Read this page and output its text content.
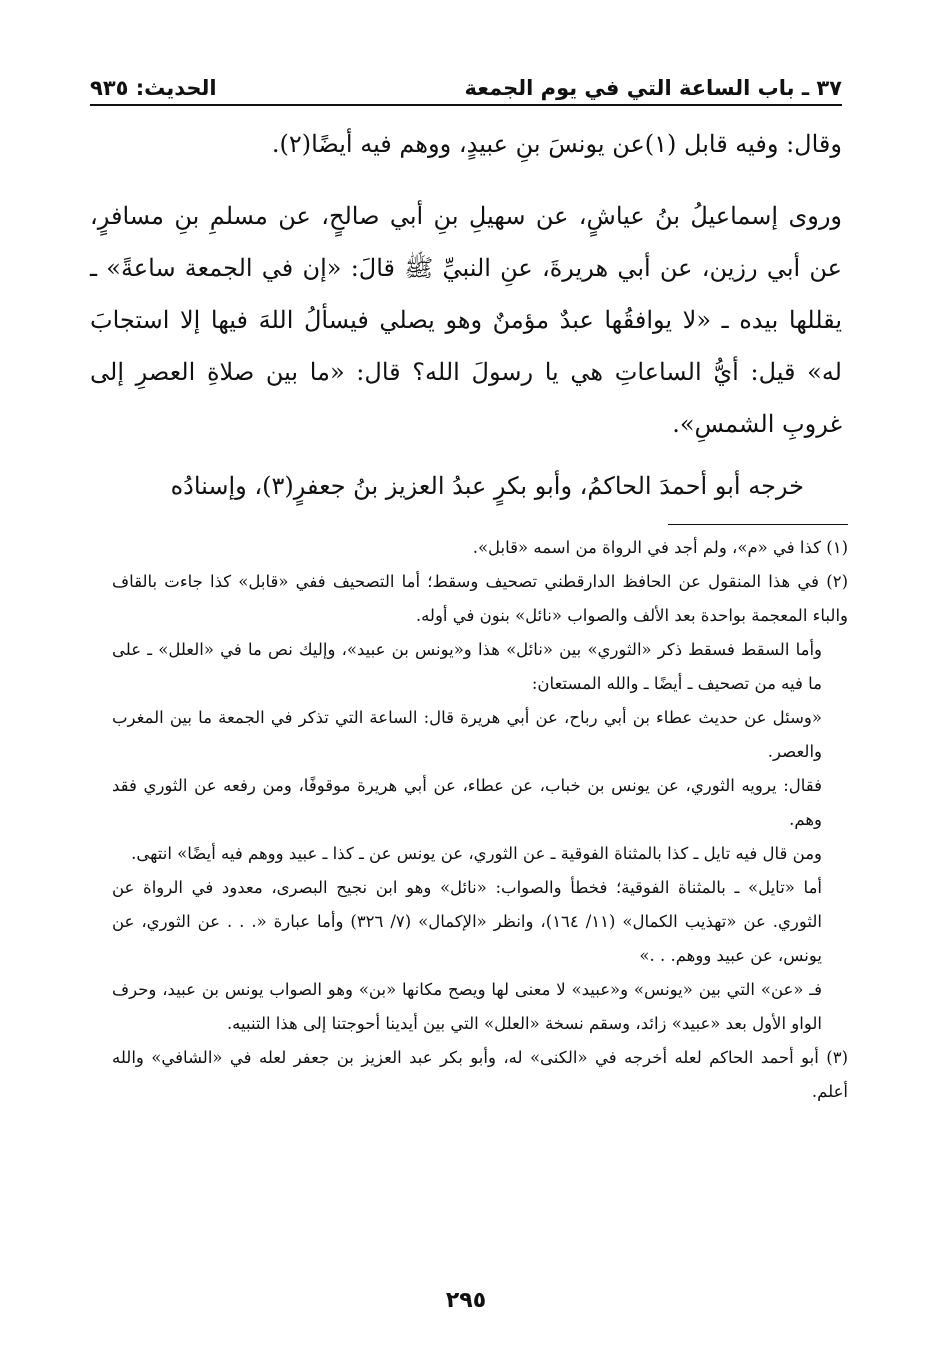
٣٧ ـ باب الساعة التي في يوم الجمعة
الحديث: ٩٣٥

وقال: وفيه قابل (١)عن يونسَ بنِ عبيدٍ، ووهم فيه أيضًا(٢).

وروى إسماعيلُ بنُ عياشٍ، عن سهيلِ بنِ أبي صالحٍ، عن مسلمِ بنِ مسافرٍ، عن أبي رزين، عن أبي هريرةَ، عنِ النبيِّ ﷺ قالَ: «إن في الجمعة ساعةً» ـ يقللها بيده ـ «لا يوافقُها عبدٌ مؤمنٌ وهو يصلي فيسألُ اللهَ فيها إلا استجابَ له» قيل: أيُّ الساعاتِ هي يا رسولَ الله؟ قال: «ما بين صلاةِ العصرِ إلى غروبِ الشمسِ».

خرجه أبو أحمدَ الحاكمُ، وأبو بكرٍ عبدُ العزيز بنُ جعفرٍ(٣)، وإسنادُه

(١) كذا في «م»، ولم أجد في الرواة من اسمه «قابل».

(٢) في هذا المنقول عن الحافظ الدارقطني تصحيف وسقط؛ أما التصحيف ففي «قابل» كذا جاءت بالقاف والباء المعجمة بواحدة بعد الألف والصواب «نائل» بنون في أوله.

وأما السقط فسقط ذكر «الثوري» بين «نائل» هذا و«يونس بن عبيد»، وإليك نص ما في «العلل» ـ على ما فيه من تصحيف ـ أيضًا ـ والله المستعان:

«وسئل عن حديث عطاء بن أبي رباح، عن أبي هريرة قال: الساعة التي تذكر في الجمعة ما بين المغرب والعصر.

فقال: يرويه الثوري، عن يونس بن خباب، عن عطاء، عن أبي هريرة موقوفًا، ومن رفعه عن الثوري فقد وهم.

ومن قال فيه تايل ـ كذا بالمثناة الفوقية ـ عن الثوري، عن يونس عن ـ كذا ـ عبيد ووهم فيه أيضًا» انتهى.

أما «تايل» ـ بالمثناة الفوقية؛ فخطأ والصواب: «نائل» وهو ابن نجيح البصرى، معدود في الرواة عن الثوري. عن «تهذيب الكمال» (١١/ ١٦٤)، وانظر «الإكمال» (٧/ ٣٢٦) وأما عبارة «. . . عن الثوري، عن يونس، عن عبيد ووهم. . .»

فـ «عن» التي بين «يونس» و«عبيد» لا معنى لها ويصح مكانها «بن» وهو الصواب يونس بن عبيد، وحرف الواو الأول بعد «عبيد» زائد، وسقم نسخة «العلل» التي بين أيدينا أحوجتنا إلى هذا التنبيه.

(٣) أبو أحمد الحاكم لعله أخرجه في «الكنى» له، وأبو بكر عبد العزيز بن جعفر لعله في «الشافي» والله أعلم.

٢٩٥
